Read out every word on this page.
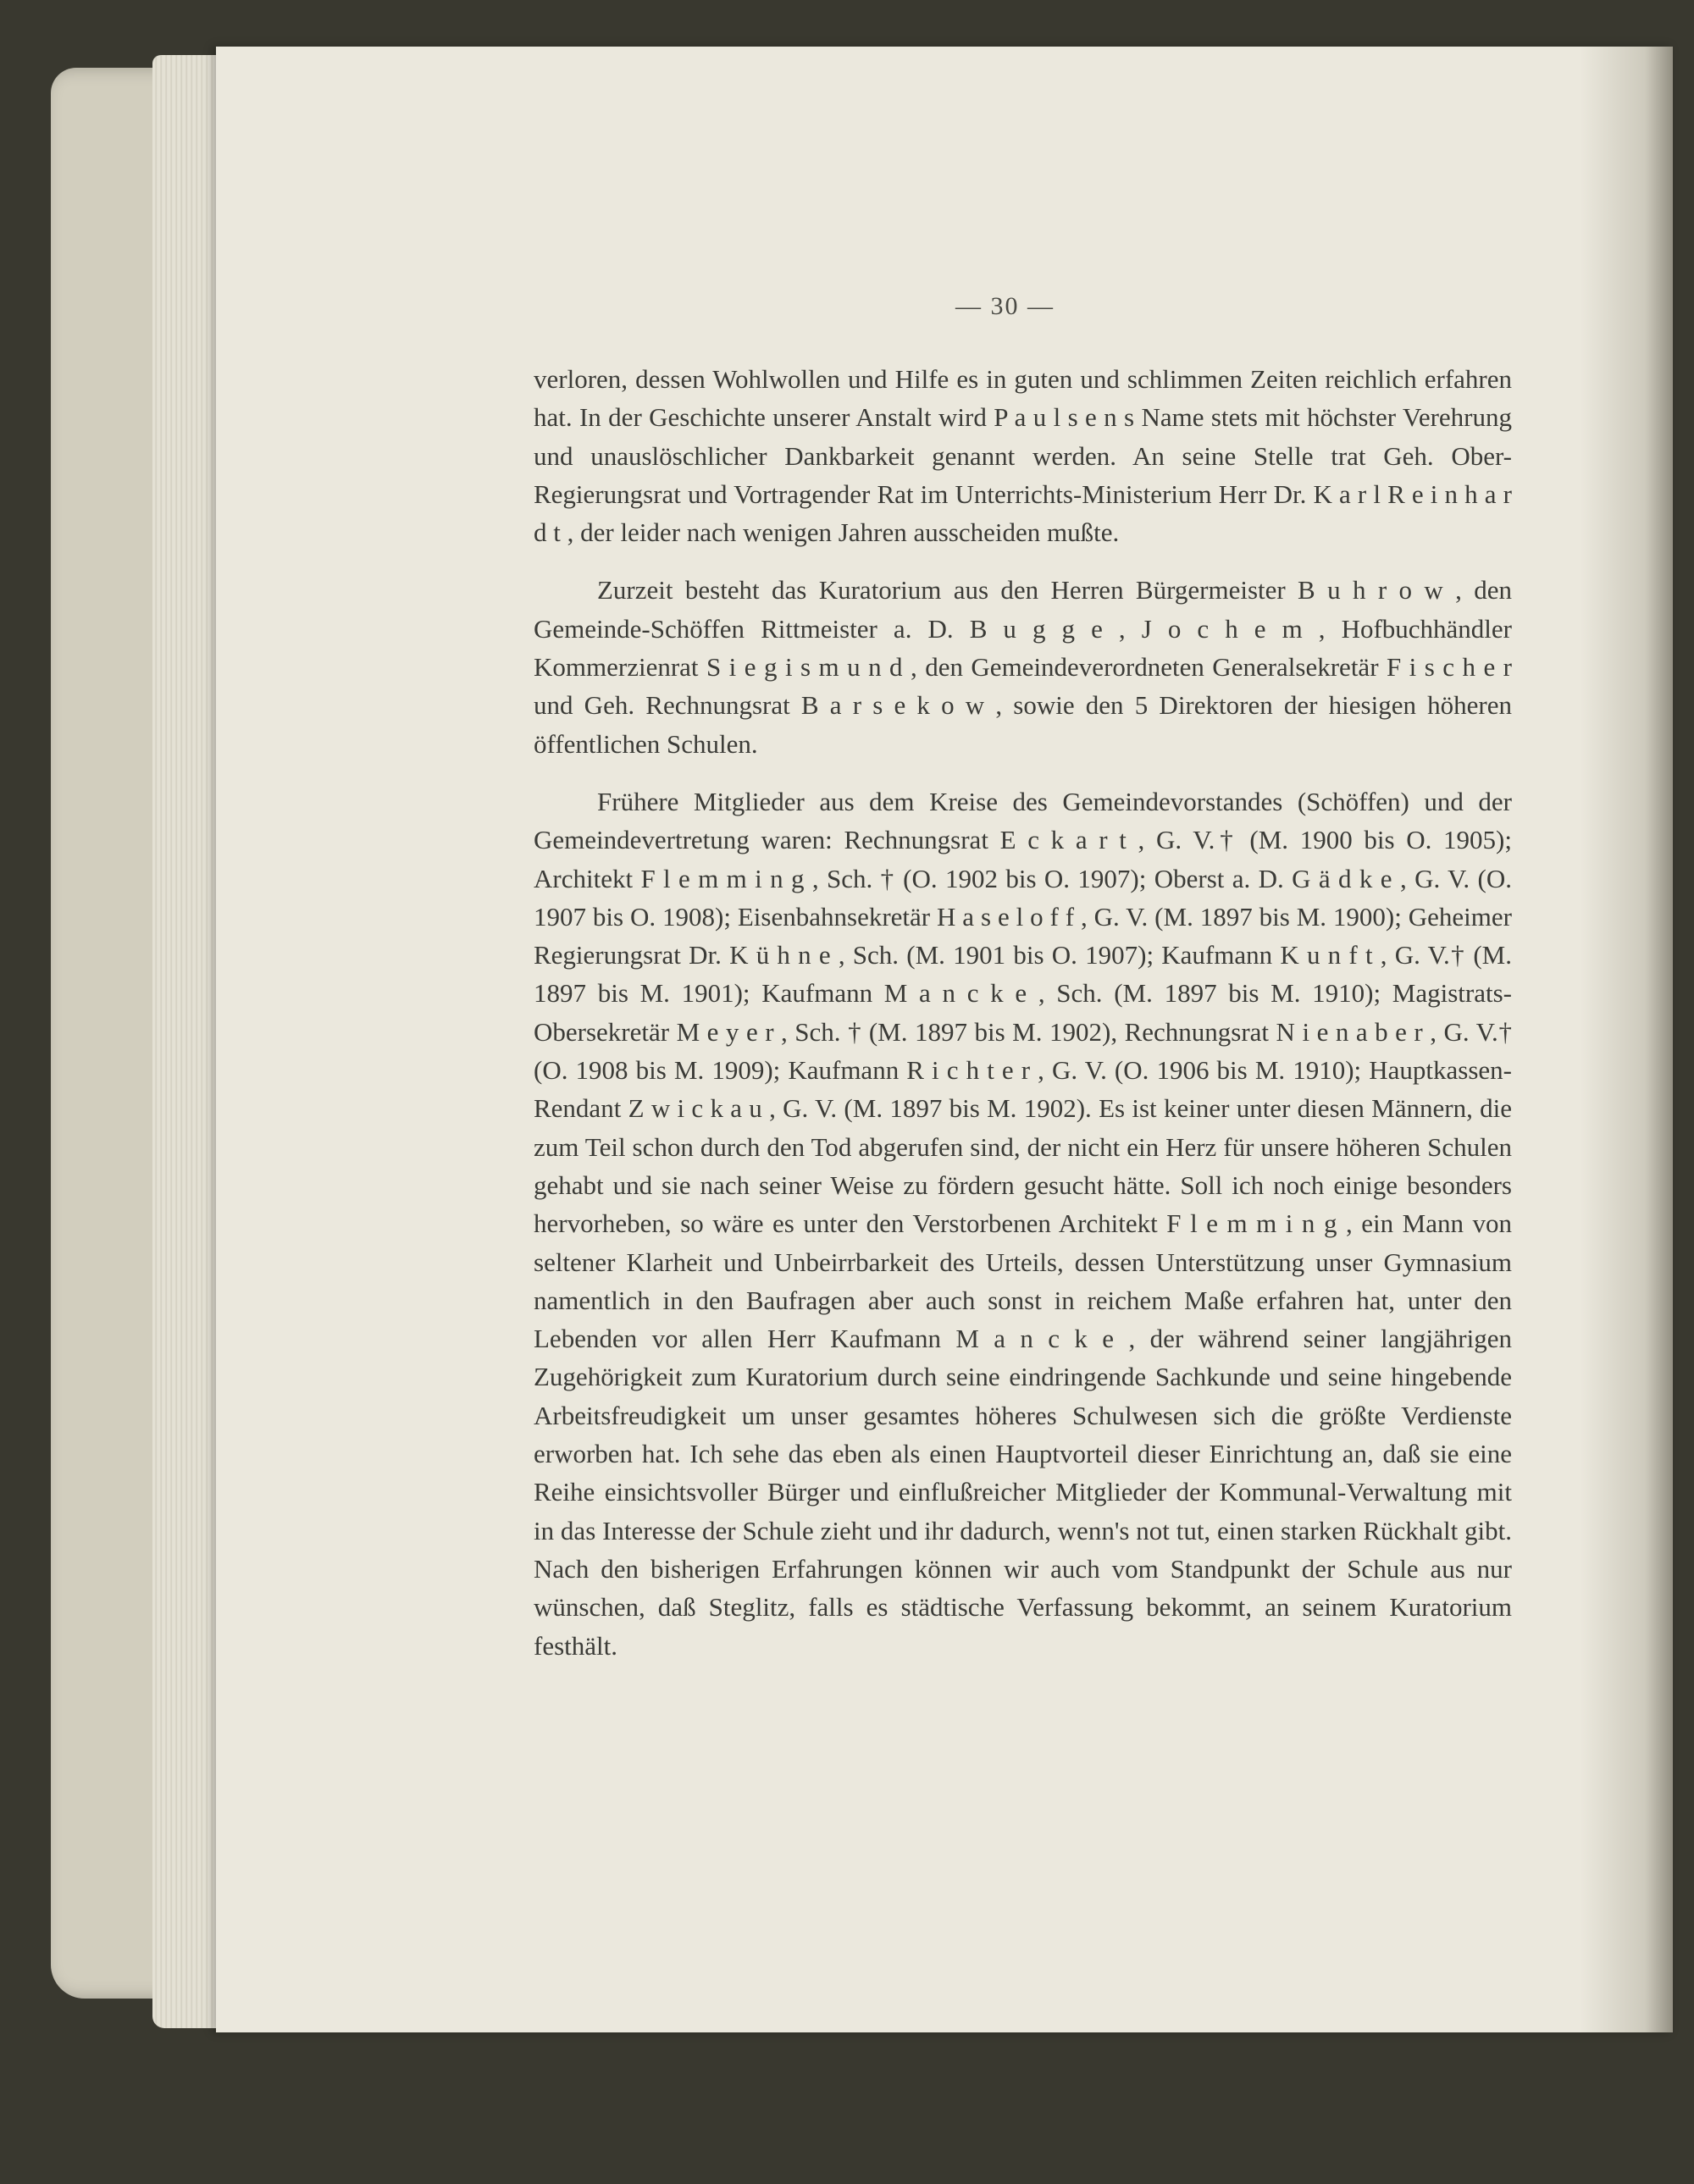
— 30 —

verloren, dessen Wohlwollen und Hilfe es in guten und schlimmen Zeiten reichlich erfahren hat. In der Geschichte unserer Anstalt wird P a u l s e n s Name stets mit höchster Verehrung und unauslöschlicher Dankbarkeit genannt werden. An seine Stelle trat Geh. Ober-Regierungsrat und Vortragender Rat im Unterrichts-Ministerium Herr Dr. K a r l R e i n h a r d t , der leider nach wenigen Jahren ausscheiden mußte.

Zurzeit besteht das Kuratorium aus den Herren Bürgermeister B u h r o w , den Gemeinde-Schöffen Rittmeister a. D. B u g g e , J o c h e m , Hofbuchhändler Kommerzienrat S i e g i s m u n d , den Gemeindeverordneten Generalsekretär F i s c h e r und Geh. Rechnungsrat B a r s e k o w , sowie den 5 Direktoren der hiesigen höheren öffentlichen Schulen.

Frühere Mitglieder aus dem Kreise des Gemeindevorstandes (Schöffen) und der Gemeindevertretung waren: Rechnungsrat E c k a r t , G. V.† (M. 1900 bis O. 1905); Architekt F l e m m i n g , Sch. † (O. 1902 bis O. 1907); Oberst a. D. G ä d k e , G. V. (O. 1907 bis O. 1908); Eisenbahnsekretär H a s e l o f f , G. V. (M. 1897 bis M. 1900); Geheimer Regierungsrat Dr. K ü h n e , Sch. (M. 1901 bis O. 1907); Kaufmann K u n f t , G. V.† (M. 1897 bis M. 1901); Kaufmann M a n c k e , Sch. (M. 1897 bis M. 1910); Magistrats-Obersekretär M e y e r , Sch. † (M. 1897 bis M. 1902), Rechnungsrat N i e n a b e r , G. V.† (O. 1908 bis M. 1909); Kaufmann R i c h t e r , G. V. (O. 1906 bis M. 1910); Hauptkassen-Rendant Z w i c k a u , G. V. (M. 1897 bis M. 1902). Es ist keiner unter diesen Männern, die zum Teil schon durch den Tod abgerufen sind, der nicht ein Herz für unsere höheren Schulen gehabt und sie nach seiner Weise zu fördern gesucht hätte. Soll ich noch einige besonders hervorheben, so wäre es unter den Verstorbenen Architekt F l e m m i n g , ein Mann von seltener Klarheit und Unbeirrbarkeit des Urteils, dessen Unterstützung unser Gymnasium namentlich in den Baufragen aber auch sonst in reichem Maße erfahren hat, unter den Lebenden vor allen Herr Kaufmann M a n c k e , der während seiner langjährigen Zugehörigkeit zum Kuratorium durch seine eindringende Sachkunde und seine hingebende Arbeitsfreudigkeit um unser gesamtes höheres Schulwesen sich die größte Verdienste erworben hat. Ich sehe das eben als einen Hauptvorteil dieser Einrichtung an, daß sie eine Reihe einsichtsvoller Bürger und einflußreicher Mitglieder der Kommunal-Verwaltung mit in das Interesse der Schule zieht und ihr dadurch, wenn's not tut, einen starken Rückhalt gibt. Nach den bisherigen Erfahrungen können wir auch vom Standpunkt der Schule aus nur wünschen, daß Steglitz, falls es städtische Verfassung bekommt, an seinem Kuratorium festhält.
